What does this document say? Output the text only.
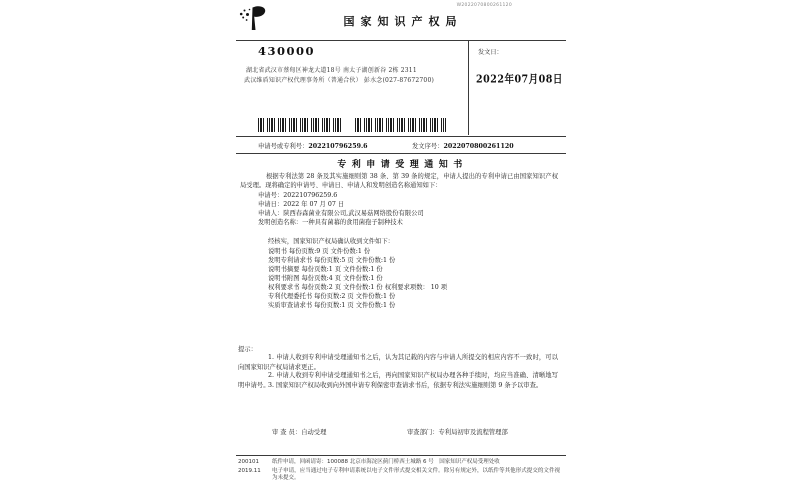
国家知识产权局
W2022070800261120
430000
湖北省武汉市蔡甸区神龙大道18号 南太子湖创新谷 2栋 2311
武汉维盾知识产权代理事务所（普通合伙） 彭水念(027-87672700)
发文日：
2022年07月08日
申请号或专利号：202210796259.6	发文序号：2022070800261120
专利申请受理通知书
根据专利法第 28 条及其实施细则第 38 条、第 39 条的规定，申请人提出的专利申请已由国家知识产权局受理。现将确定的申请号、申请日、申请人和发明创造名称通知如下：
申请号：202210796259.6
申请日：2022 年 07 月 07 日
申请人：陕西春森菌业有限公司,武汉易菇网络股份有限公司
发明创造名称：一种具有菌幕的食用菌孢子制种技术
经核实，国家知识产权局确认收到文件如下：
说明书 每份页数:9 页 文件份数:1 份
发明专利请求书 每份页数:5 页 文件份数:1 份
说明书摘要 每份页数:1 页 文件份数:1 份
说明书附图 每份页数:4 页 文件份数:1 份
权利要求书 每份页数:2 页 文件份数:1 份 权利要求项数： 10 项
专利代理委托书 每份页数:2 页 文件份数:1 份
实质审查请求书 每份页数:1 页 文件份数:1 份
提示：
1. 申请人收到专利申请受理通知书之后，认为其记载的内容与申请人所提交的相应内容不一致时，可以向国家知识产权局请求更正。
2. 申请人收到专利申请受理通知书之后，再向国家知识产权局办理各种手续时，均应当准确、清晰地写明申请号。
3. 国家知识产权局收到向外国申请专利保密审查请求书后，依据专利法实施细则第 9 条予以审查。
审 查 员：自动受理	审查部门：专利局初审及流程管理部
200101	纸件申请，回函请寄：100088 北京市海淀区蓟门桥西土城路 6 号　国家知识产权局受理处收
2019.11	电子申请，应当通过电子专利申请系统以电子文件形式提交相关文件。除另有规定外，以纸件等其他形式提交的文件视为未提交。
